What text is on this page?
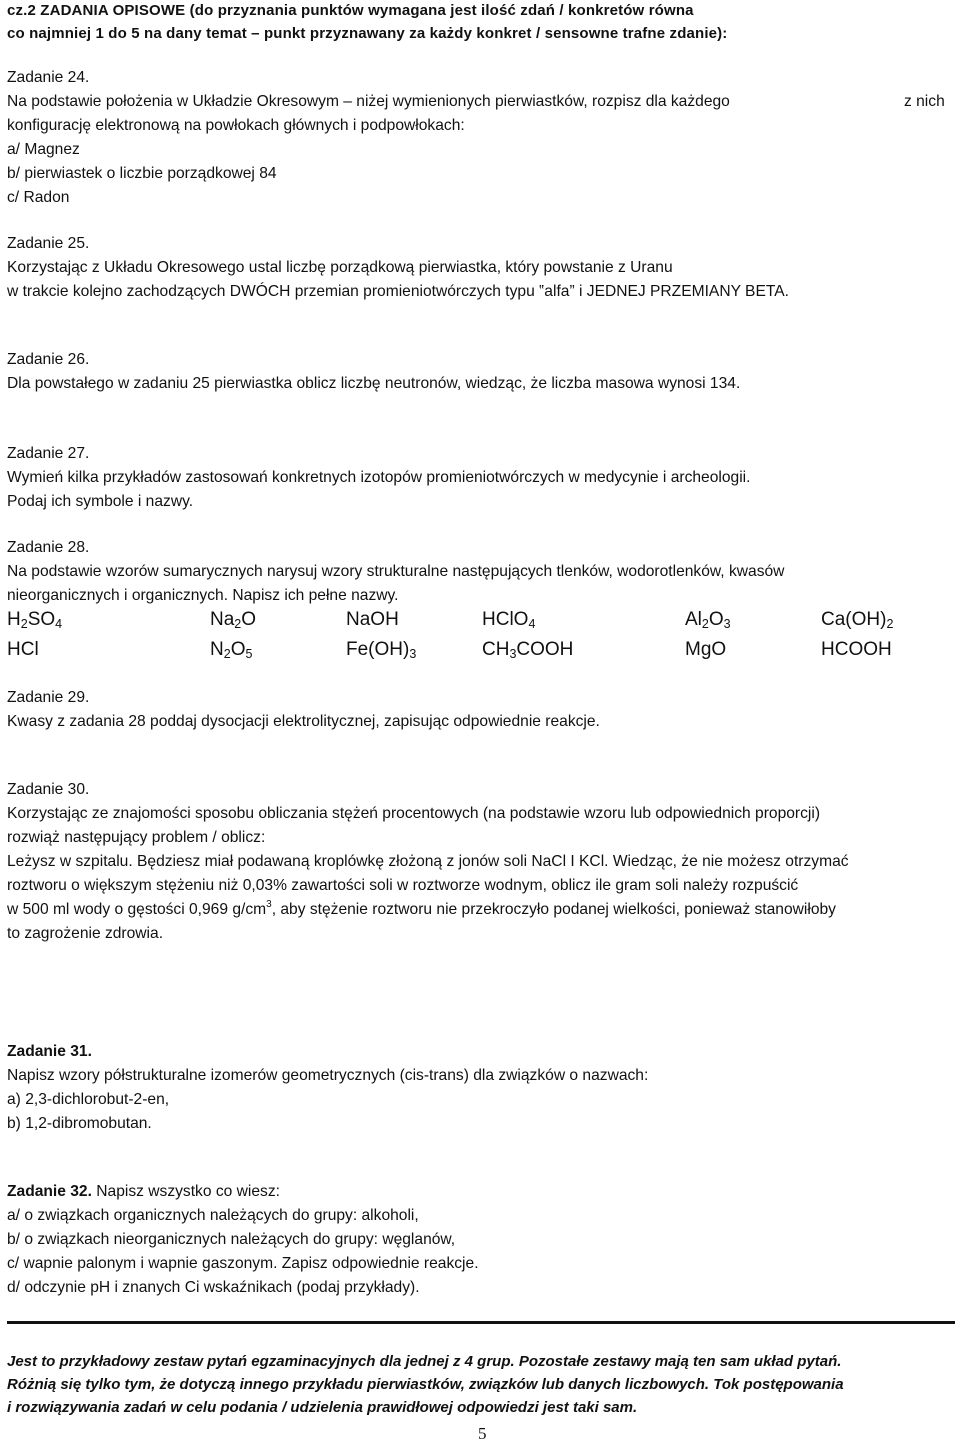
cz.2 ZADANIA OPISOWE (do przyznania punktów wymagana jest ilość zdań / konkretów równa
co najmniej 1 do 5 na dany temat – punkt przyznawany za każdy konkret / sensowne trafne zdanie):
Zadanie 24.
Na podstawie położenia w Układzie Okresowym – niżej wymienionych pierwiastków, rozpisz dla każdego	z nich
konfigurację elektronową na powłokach głównych i podpowłokach:
a/ Magnez
b/ pierwiastek o liczbie porządkowej 84
c/ Radon
Zadanie 25.
Korzystając z Układu Okresowego ustal liczbę porządkową pierwiastka, który powstanie z Uranu
w trakcie kolejno zachodzących DWÓCH przemian promieniotwórczych typu ‟alfa” i JEDNEJ PRZEMIANY BETA.
Zadanie 26.
Dla powstałego w zadaniu 25 pierwiastka oblicz liczbę neutronów, wiedząc, że liczba masowa wynosi 134.
Zadanie 27.
Wymień kilka przykładów zastosowań konkretnych izotopów promieniotwórczych w medycynie i archeologii.
Podaj ich symbole i nazwy.
Zadanie 28.
Na podstawie wzorów sumarycznych narysuj wzory strukturalne następujących tlenków, wodorotlenków, kwasów
nieorganicznych i organicznych. Napisz ich pełne nazwy.
$H_2SO_4$	$Na_2O$	NaOH	HClO$_4$	$Al_2O_3$	$Ca(OH)_2$
HCl	$N_2O_5$	$Fe(OH)_3$	$CH_3COOH$	MgO	HCOOH
Zadanie 29.
Kwasy z zadania 28 poddaj dysocjacji elektrolitycznej, zapisując odpowiednie reakcje.
Zadanie 30.
Korzystając ze znajomości sposobu obliczania stężeń procentowych (na podstawie wzoru lub odpowiednich proporcji)
rozwiąż następujący problem / oblicz:
Leżysz w szpitalu. Będziesz miał podawaną kroplówkę złożoną z jonów soli NaCl I KCl. Wiedząc, że nie możesz otrzymać
roztworu o większym stężeniu niż 0,03% zawartości soli w roztworze wodnym, oblicz ile gram soli należy rozpuścić
w 500 ml wody o gęstości 0,969 $g/cm^3$, aby stężenie roztworu nie przekroczyło podanej wielkości, ponieważ stanowiłoby
to zagrożenie zdrowia.
Zadanie 31.
Napisz wzory półstrukturalne izomerów geometrycznych (cis-trans) dla związków o nazwach:
a) 2,3-dichlorobut-2-en,
b) 1,2-dibromobutan.
Zadanie 32. Napisz wszystko co wiesz:
a/ o związkach organicznych należących do grupy: alkoholi,
b/ o związkach nieorganicznych należących do grupy: węglanów,
c/ wapnie palonym i wapnie gaszonym. Zapisz odpowiednie reakcje.
d/ odczynie pH i znanych Ci wskaźnikach (podaj przykłady).
Jest to przykładowy zestaw pytań egzaminacyjnych dla jednej z 4 grup. Pozostałe zestawy mają ten sam układ pytań.
Różnią się tylko tym, że dotyczą innego przykładu pierwiastków, związków lub danych liczbowych. Tok postępowania
i rozwiązywania zadań w celu podania / udzielenia prawidłowej odpowiedzi jest taki sam.
5
